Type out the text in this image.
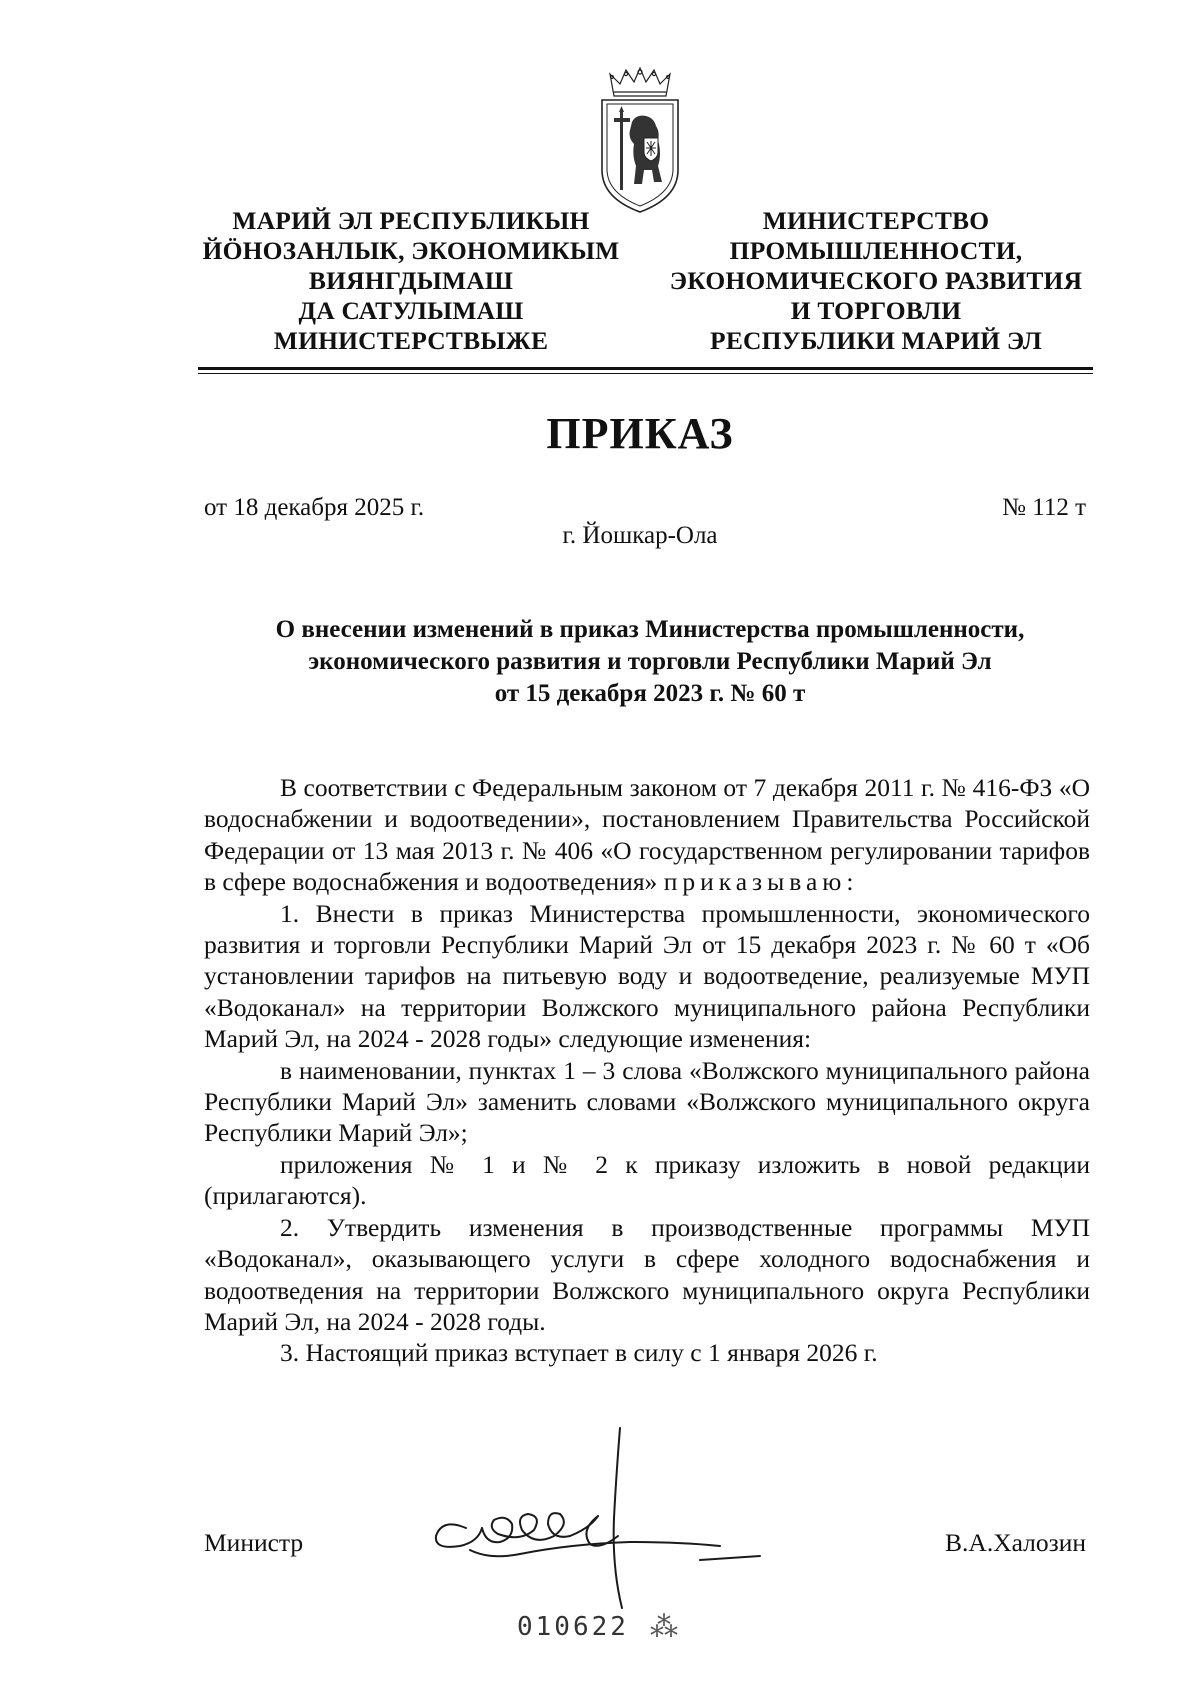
МАРИЙ ЭЛ РЕСПУБЛИКЫН
ЙÖНОЗАНЛЫК, ЭКОНОМИКЫМ
ВИЯНГДЫМАШ
ДА САТУЛЫМАШ
МИНИСТЕРСТВЫЖЕ
МИНИСТЕРСТВО
ПРОМЫШЛЕННОСТИ,
ЭКОНОМИЧЕСКОГО РАЗВИТИЯ
И ТОРГОВЛИ
РЕСПУБЛИКИ МАРИЙ ЭЛ
ПРИКАЗ
от 18 декабря 2025 г.	№ 112 т
г. Йошкар-Ола
О внесении изменений в приказ Министерства промышленности,
экономического развития и торговли Республики Марий Эл
от 15 декабря 2023 г. № 60 т

В соответствии с Федеральным законом от 7 декабря 2011 г. № 416-ФЗ «О водоснабжении и водоотведении», постановлением Правительства Российской Федерации от 13 мая 2013 г. № 406 «О государственном регулировании тарифов в сфере водоснабжения и водоотведения» приказываю:

1. Внести в приказ Министерства промышленности, экономического развития и торговли Республики Марий Эл от 15 декабря 2023 г. № 60 т «Об установлении тарифов на питьевую воду и водоотведение, реализуемые МУП «Водоканал» на территории Волжского муниципального района Республики Марий Эл, на 2024 - 2028 годы» следующие изменения:

в наименовании, пунктах 1 – 3 слова «Волжского муниципального района Республики Марий Эл» заменить словами «Волжского муниципального округа Республики Марий Эл»;

приложения № 1 и № 2 к приказу изложить в новой редакции (прилагаются).

2. Утвердить изменения в производственные программы МУП «Водоканал», оказывающего услуги в сфере холодного водоснабжения и водоотведения на территории Волжского муниципального округа Республики Марий Эл, на 2024 - 2028 годы.

3. Настоящий приказ вступает в силу с 1 января 2026 г.

Министр	В.А.Халозин
010622 ⁂
